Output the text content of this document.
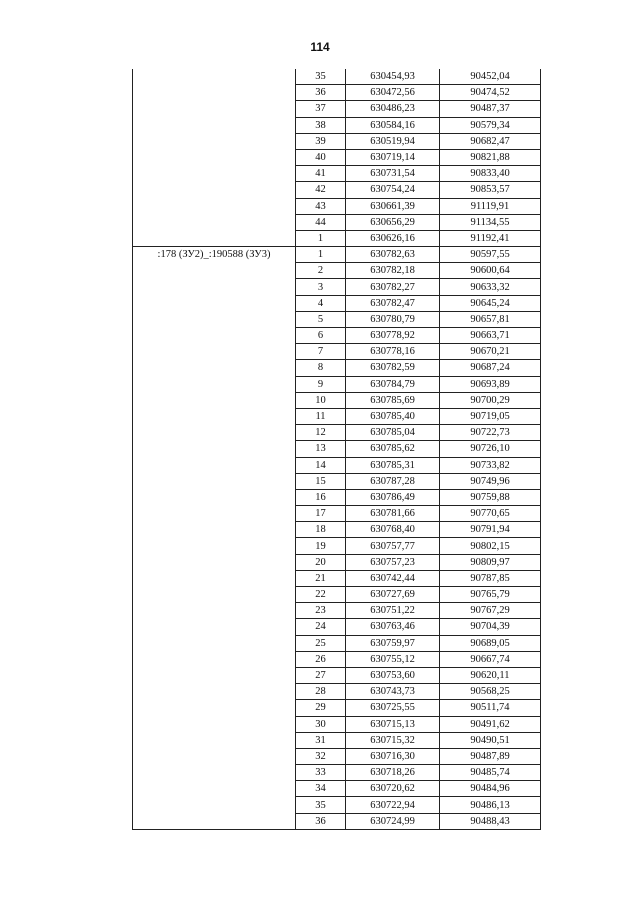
114
	35	630454,93	90452,04
	36	630472,56	90474,52
	37	630486,23	90487,37
	38	630584,16	90579,34
	39	630519,94	90682,47
	40	630719,14	90821,88
	41	630731,54	90833,40
	42	630754,24	90853,57
	43	630661,39	91119,91
	44	630656,29	91134,55
	1	630626,16	91192,41
:178 (ЗУ2)_:190588 (ЗУ3)	1	630782,63	90597,55
	2	630782,18	90600,64
	3	630782,27	90633,32
	4	630782,47	90645,24
	5	630780,79	90657,81
	6	630778,92	90663,71
	7	630778,16	90670,21
	8	630782,59	90687,24
	9	630784,79	90693,89
	10	630785,69	90700,29
	11	630785,40	90719,05
	12	630785,04	90722,73
	13	630785,62	90726,10
	14	630785,31	90733,82
	15	630787,28	90749,96
	16	630786,49	90759,88
	17	630781,66	90770,65
	18	630768,40	90791,94
	19	630757,77	90802,15
	20	630757,23	90809,97
	21	630742,44	90787,85
	22	630727,69	90765,79
	23	630751,22	90767,29
	24	630763,46	90704,39
	25	630759,97	90689,05
	26	630755,12	90667,74
	27	630753,60	90620,11
	28	630743,73	90568,25
	29	630725,55	90511,74
	30	630715,13	90491,62
	31	630715,32	90490,51
	32	630716,30	90487,89
	33	630718,26	90485,74
	34	630720,62	90484,96
	35	630722,94	90486,13
	36	630724,99	90488,43
